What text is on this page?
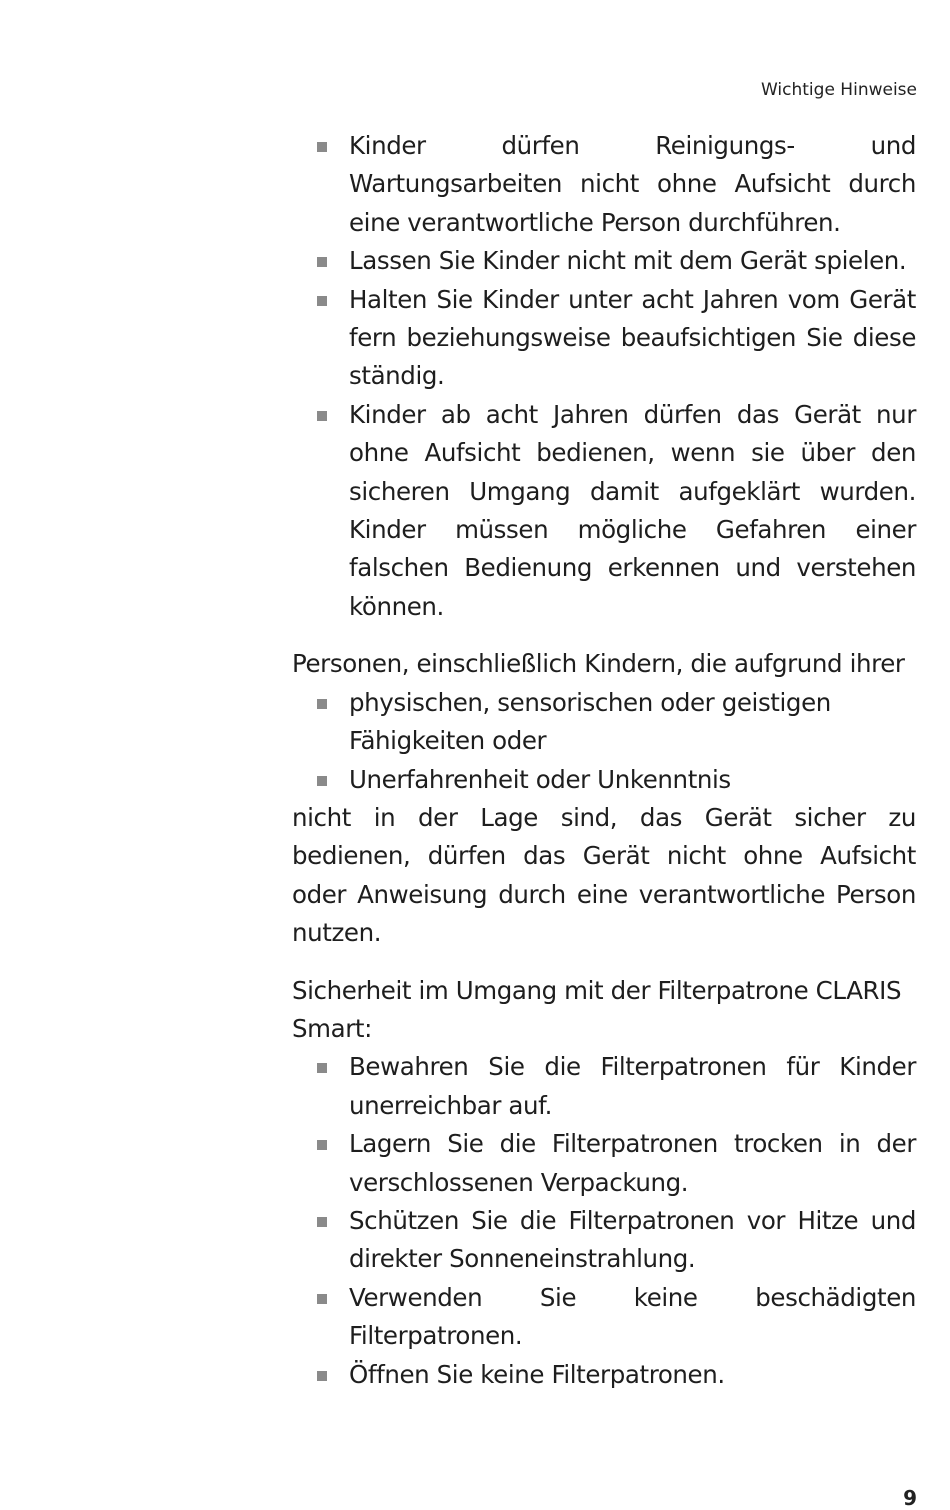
Wichtige Hinweise
Kinder dürfen Reinigungs- und Wartungsarbeiten nicht ohne Aufsicht durch eine verantwortliche Person durchführen.
Lassen Sie Kinder nicht mit dem Gerät spielen.
Halten Sie Kinder unter acht Jahren vom Gerät fern beziehungsweise beaufsichtigen Sie diese ständig.
Kinder ab acht Jahren dürfen das Gerät nur ohne Aufsicht bedienen, wenn sie über den sicheren Umgang damit aufgeklärt wurden. Kinder müssen mögliche Gefahren einer falschen Bedienung erkennen und verstehen können.

Personen, einschließlich Kindern, die aufgrund ihrer

physischen, sensorischen oder geistigen Fähigkeiten oder
Unerfahrenheit oder Unkenntnis

nicht in der Lage sind, das Gerät sicher zu bedienen, dürfen das Gerät nicht ohne Aufsicht oder Anweisung durch eine verantwortliche Person nutzen.

Sicherheit im Umgang mit der Filterpatrone CLARIS Smart:

Bewahren Sie die Filterpatronen für Kinder unerreichbar auf.
Lagern Sie die Filterpatronen trocken in der verschlossenen Verpackung.
Schützen Sie die Filterpatronen vor Hitze und direkter Sonneneinstrahlung.
Verwenden Sie keine beschädigten Filterpatronen.
Öffnen Sie keine Filterpatronen.
9
